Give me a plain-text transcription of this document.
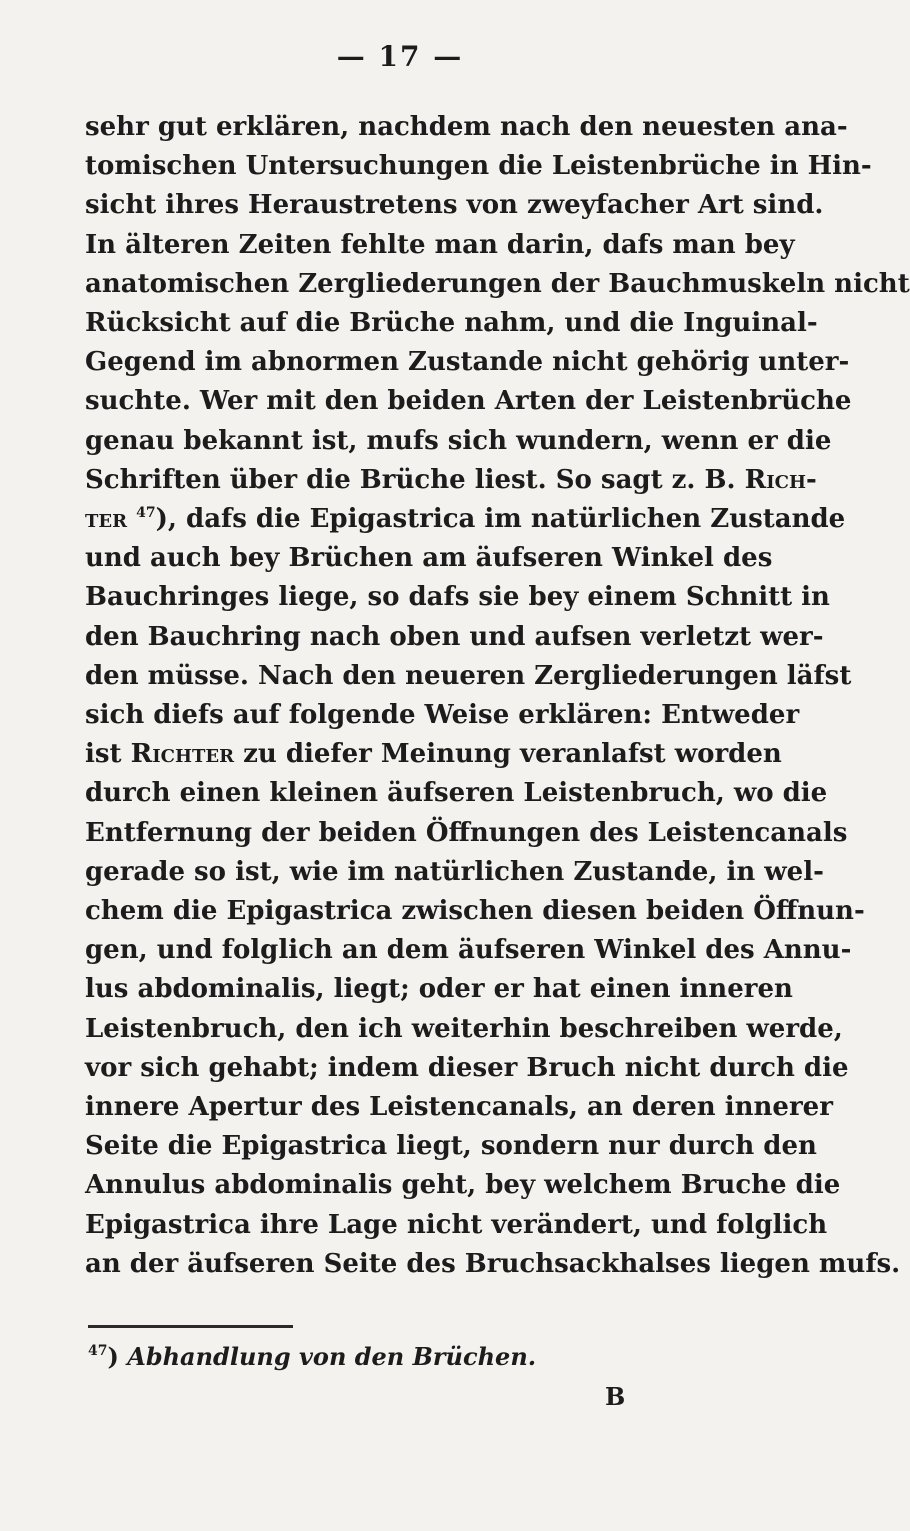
— 17 —
sehr gut erklären, nachdem nach den neuesten ana-
tomischen Untersuchungen die Leistenbrüche in Hin-
sicht ihres Heraustretens von zweyfacher Art sind.
In älteren Zeiten fehlte man darin, dafs man bey
anatomischen Zergliederungen der Bauchmuskeln nicht
Rücksicht auf die Brüche nahm, und die Inguinal-
Gegend im abnormen Zustande nicht gehörig unter-
suchte. Wer mit den beiden Arten der Leistenbrüche
genau bekannt ist, mufs sich wundern, wenn er die
Schriften über die Brüche liest. So sagt z. B. Rich-
ter $^{47}$), dafs die Epigastrica im natürlichen Zustande
und auch bey Brüchen am äufseren Winkel des
Bauchringes liege, so dafs sie bey einem Schnitt in
den Bauchring nach oben und aufsen verletzt wer-
den müsse. Nach den neueren Zergliederungen läfst
sich diefs auf folgende Weise erklären: Entweder
ist Richter zu diefer Meinung veranlafst worden
durch einen kleinen äufseren Leistenbruch, wo die
Entfernung der beiden Öffnungen des Leistencanals
gerade so ist, wie im natürlichen Zustande, in wel-
chem die Epigastrica zwischen diesen beiden Öffnun-
gen, und folglich an dem äufseren Winkel des Annu-
lus abdominalis, liegt; oder er hat einen inneren
Leistenbruch, den ich weiterhin beschreiben werde,
vor sich gehabt; indem dieser Bruch nicht durch die
innere Apertur des Leistencanals, an deren innerer
Seite die Epigastrica liegt, sondern nur durch den
Annulus abdominalis geht, bey welchem Bruche die
Epigastrica ihre Lage nicht verändert, und folglich
an der äufseren Seite des Bruchsackhalses liegen mufs.
$^{47}$) Abhandlung von den Brüchen.
B
